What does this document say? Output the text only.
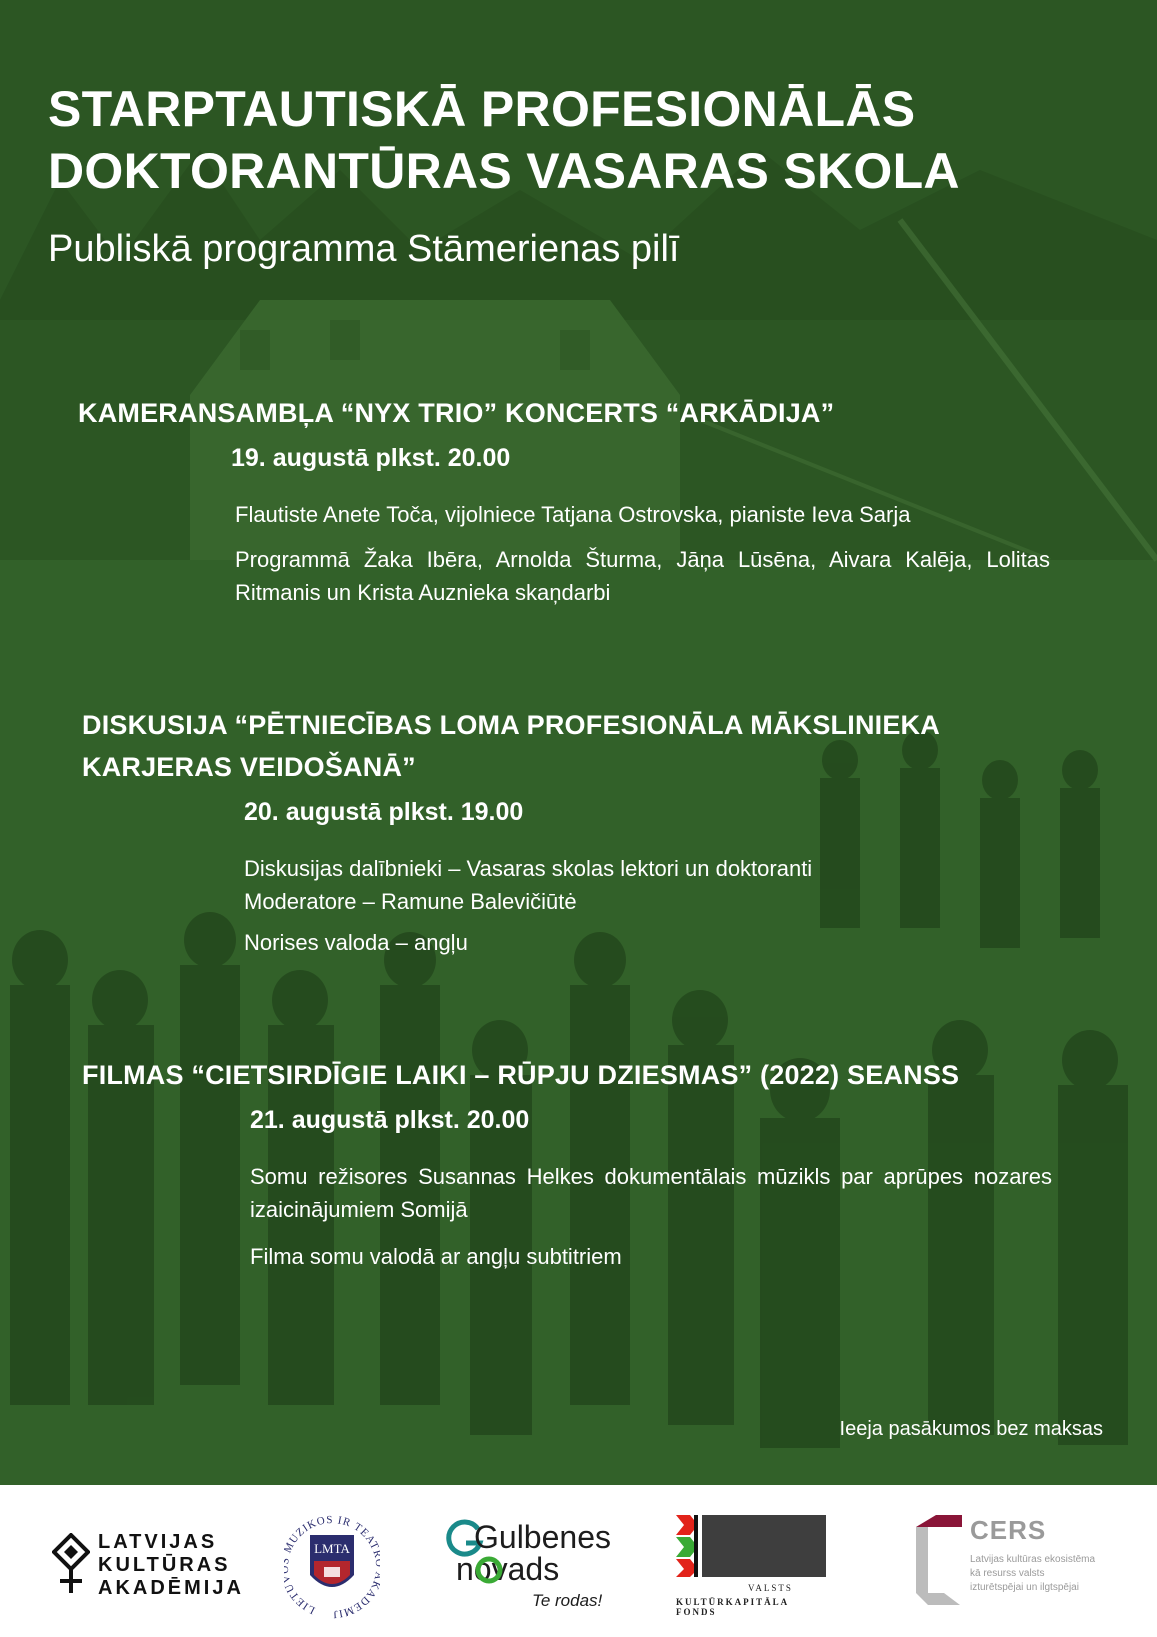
STARPTAUTISKĀ PROFESIONĀLĀS
DOKTORANTŪRAS VASARAS SKOLA
Publiskā programma Stāmerienas pilī
KAMERANSAMBĻA “NYX TRIO” KONCERTS “ARKĀDIJA”
19. augustā plkst. 20.00
Flautiste Anete Toča, vijolniece Tatjana Ostrovska, pianiste Ieva Sarja
Programmā Žaka Ibēra, Arnolda Šturma, Jāņa Lūsēna, Aivara Kalēja, Lolitas Ritmanis un Krista Auznieka skaņdarbi
DISKUSIJA “PĒTNIECĪBAS LOMA PROFESIONĀLA MĀKSLINIEKA
KARJERAS VEIDOŠANĀ”
20. augustā plkst. 19.00
Diskusijas dalībnieki – Vasaras skolas lektori un doktoranti
Moderatore – Ramune Balevičiūtė
Norises valoda – angļu
FILMAS “CIETSIRDĪGIE LAIKI – RŪPJU DZIESMAS” (2022) SEANSS
21. augustā plkst. 20.00
Somu režisores Susannas Helkes dokumentālais mūzikls par aprūpes nozares izaicinājumiem Somijā
Filma somu valodā ar angļu subtitriem
Ieeja pasākumos bez maksas
LATVIJAS
KULTŪRAS
AKADĒMIJA
LIET UZIKOS IR TEAT ADEMIJ
LMTA	Gulbenes
novads
Te rodas!
VALSTS
KULTŪRKAPITĀLA FONDS
CERS
Latvijas kultūras ekosistēma
kā resurss valsts
izturētspējai un ilgtspējai
